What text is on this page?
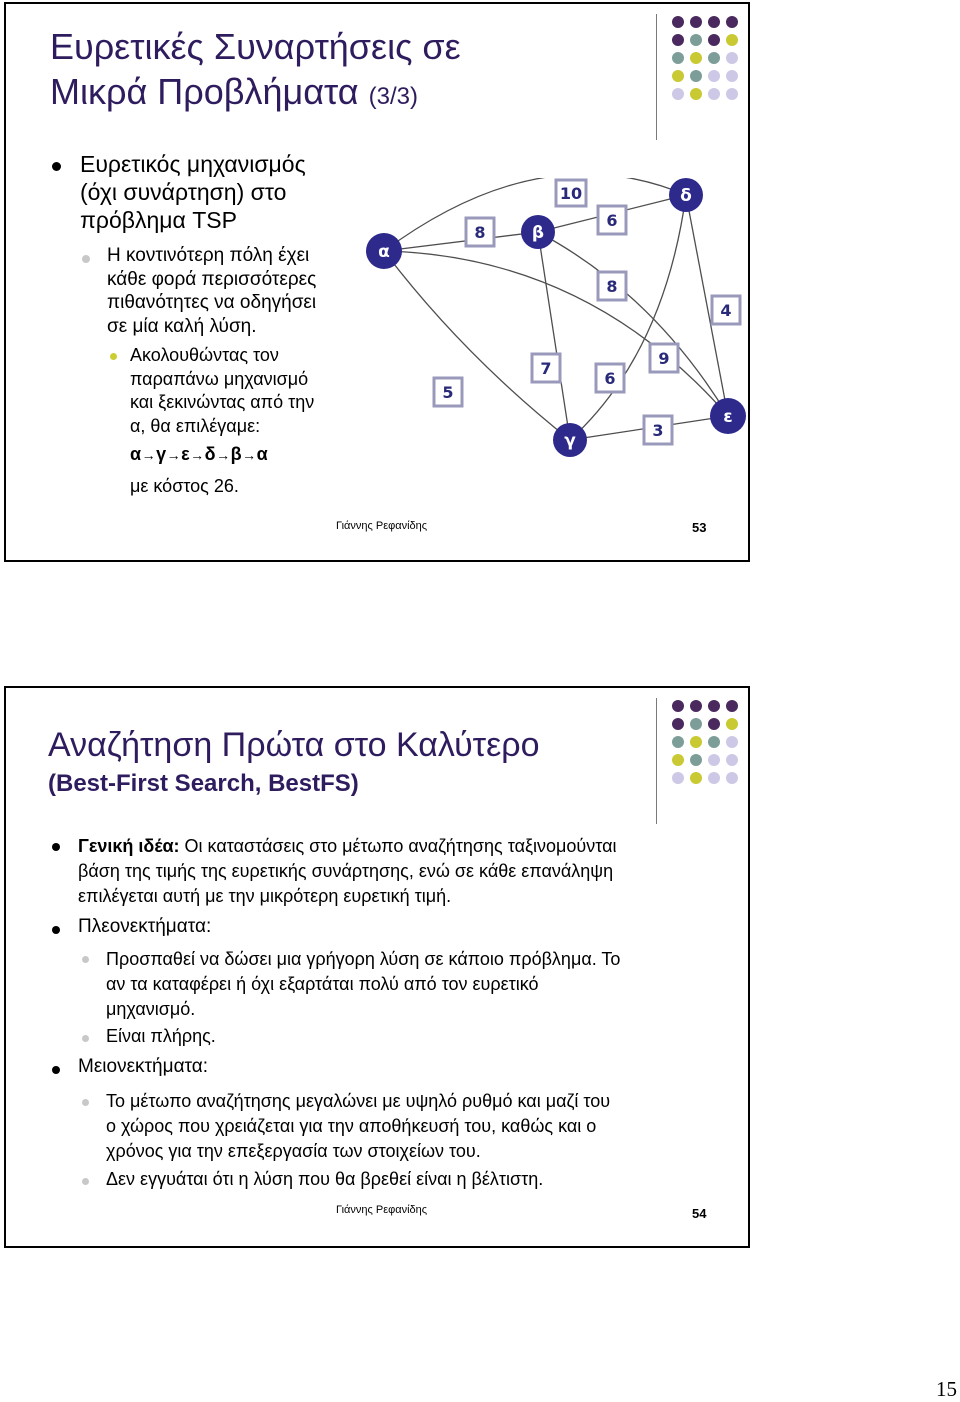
Ευρετικές Συναρτήσεις σε
Μικρά Προβλήματα (3/3)
Ευρετικός μηχανισμός
(όχι συνάρτηση) στο
πρόβλημα TSP
Η κοντινότερη πόλη έχει
κάθε φορά περισσότερες
πιθανότητες να οδηγήσει
σε μία καλή λύση.
Ακολουθώντας τον
παραπάνω μηχανισμό
και ξεκινώντας από την
α, θα επιλέγαμε:
α→γ→ε→δ→β→α
με κόστος 26.
Γιάννης Ρεφανίδης	53
α
β
δ
γ
ε
10
8
6
8
4
9
7
6
5
3
Αναζήτηση Πρώτα στο Καλύτερο
(Best-First Search, BestFS)
Γενική ιδέα: Οι καταστάσεις στο μέτωπο αναζήτησης ταξινομούνται
βάση της τιμής της ευρετικής συνάρτησης, ενώ σε κάθε επανάληψη
επιλέγεται αυτή με την μικρότερη ευρετική τιμή.
Πλεονεκτήματα:
Προσπαθεί να δώσει μια γρήγορη λύση σε κάποιο πρόβλημα. Το
αν τα καταφέρει ή όχι εξαρτάται πολύ από τον ευρετικό
μηχανισμό.
Είναι πλήρης.
Μειονεκτήματα:
Το μέτωπο αναζήτησης μεγαλώνει με υψηλό ρυθμό και μαζί του
ο χώρος που χρειάζεται για την αποθήκευσή του, καθώς και ο
χρόνος για την επεξεργασία των στοιχείων του.
Δεν εγγυάται ότι η λύση που θα βρεθεί είναι η βέλτιστη.
Γιάννης Ρεφανίδης	54
15
